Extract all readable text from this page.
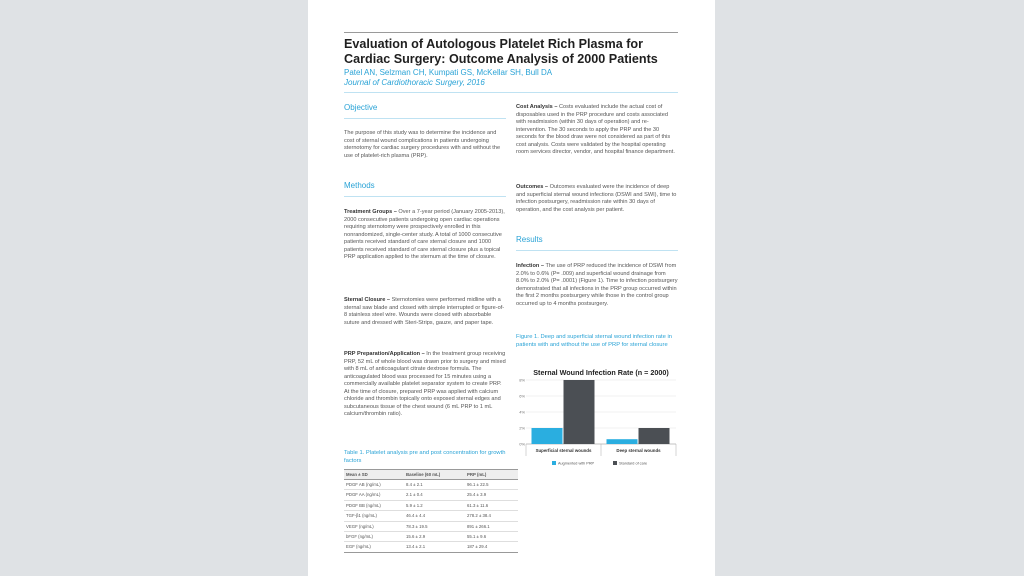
Evaluation of Autologous Platelet Rich Plasma for Cardiac Surgery: Outcome Analysis of 2000 Patients
Patel AN, Selzman CH, Kumpati GS, McKellar SH, Bull DA
Journal of Cardiothoracic Surgery, 2016
Objective

The purpose of this study was to determine the incidence and cost of sternal wound complications in patients undergoing sternotomy for cardiac surgery procedures with and without the use of platelet-rich plasma (PRP).

Methods

Treatment Groups – Over a 7-year period (January 2005-2013), 2000 consecutive patients undergoing open cardiac operations requiring sternotomy were prospectively enrolled in this nonrandomized, single-center study. A total of 1000 consecutive patients received standard of care sternal closure and 1000 patients received standard of care sternal closure plus a topical PRP application applied to the sternum at the time of closure.

Sternal Closure – Sternotomies were performed midline with a sternal saw blade and closed with simple interrupted or figure-of-8 stainless steel wire. Wounds were closed with absorbable suture and dressed with Steri-Strips, gauze, and paper tape.

PRP Preparation/Application – In the treatment group receiving PRP, 52 mL of whole blood was drawn prior to surgery and mixed with 8 mL of anticoagulant citrate dextrose formula. The anticoagulated blood was processed for 15 minutes using a commercially available platelet separator system to create PRP. At the time of closure, prepared PRP was applied with calcium chloride and thrombin topically onto exposed sternal edges and subcutaneous tissue of the chest wound (6 mL PRP to 1 mL calcium/thrombin ratio).

Table 1. Platelet analysis pre and post concentration for growth factors
Mean ± SD	Baseline (60 mL)	PRP (mL)
PDGF AB (ng/mL)	8.4 ± 2.1	96.1 ± 22.5
PDGF AA (ng/mL)	2.1 ± 0.4	25.4 ± 3.9
PDGF BB (ng/mL)	5.9 ± 1.2	61.3 ± 11.6
TGF-β1 (ng/mL)	46.4 ± 4.4	278.2 ± 38.4
VEGF (ng/mL)	78.3 ± 19.5	891 ± 266.1
bFGF (ng/mL)	15.6 ± 2.9	55.1 ± 9.6
EGF (ng/mL)	13.4 ± 2.1	187 ± 29.4

Cost Analysis – Costs evaluated include the actual cost of disposables used in the PRP procedure and costs associated with readmission (within 30 days of operation) and re-intervention. The 30 seconds to apply the PRP and the 30 seconds for the blood draw were not considered as part of this cost analysis. Costs were validated by the hospital operating room services director, vendor, and hospital finance department.

Outcomes – Outcomes evaluated were the incidence of deep and superficial sternal wound infections (DSWI and SWI), time to infection postsurgery, readmission rate within 30 days of operation, and the cost analysis per patient.

Results

Infection – The use of PRP reduced the incidence of DSWI from 2.0% to 0.6% (P= .009) and superficial wound drainage from 8.0% to 2.0% (P= .0001) (Figure 1). Time to infection postsurgery demonstrated that all infections in the PRP group occurred within the first 2 months postsurgery while those in the control group occurred up to 4 months postsurgery.

Figure 1. Deep and superficial sternal wound infection rate in patients with and without the use of PRP for sternal closure
Sternal Wound Infection Rate (n = 2000)
8%
6%
4%
2%
0%
Superficial sternal wounds	Deep sternal wounds
Augmented with PRP	Standard of care
